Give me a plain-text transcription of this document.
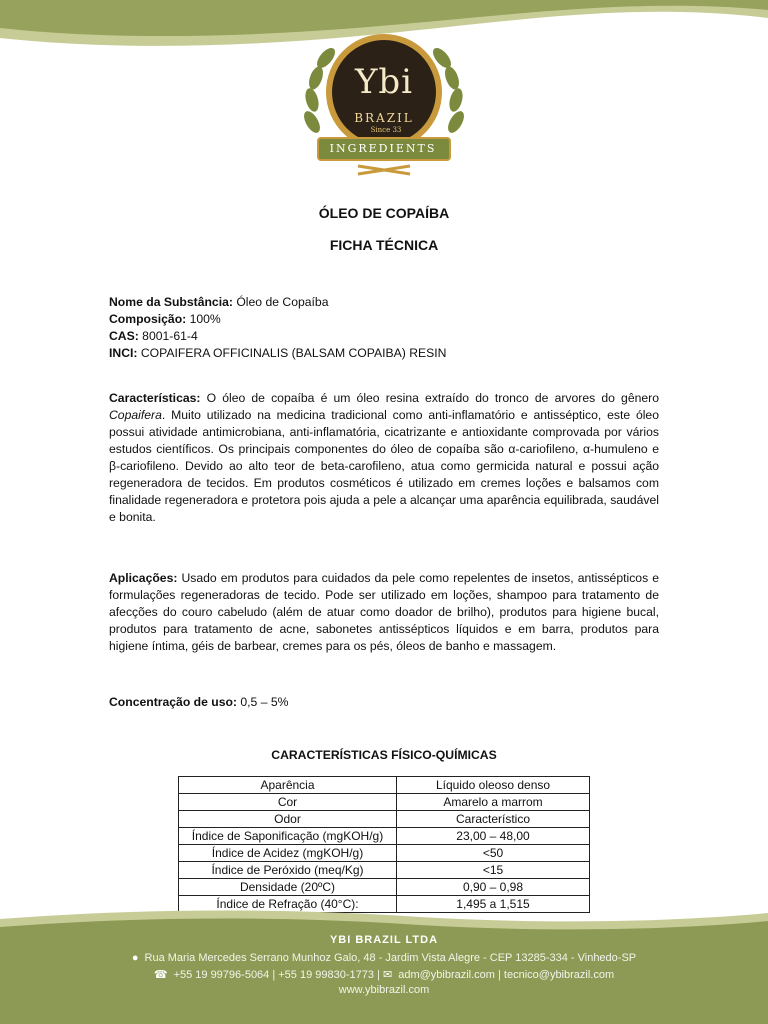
Ybi
BRAZIL
Since 33
INGREDIENTS
ÓLEO DE COPAÍBA
FICHA TÉCNICA
Nome da Substância: Óleo de Copaíba
Composição: 100%
CAS: 8001-61-4
INCI: COPAIFERA OFFICINALIS (BALSAM COPAIBA) RESIN
Características: O óleo de copaíba é um óleo resina extraído do tronco de arvores do gênero Copaifera. Muito utilizado na medicina tradicional como anti-inflamatório e antisséptico, este óleo possui atividade antimicrobiana, anti-inflamatória, cicatrizante e antioxidante comprovada por vários estudos científicos. Os principais componentes do óleo de copaíba são α-cariofileno, α-humuleno e β-cariofileno. Devido ao alto teor de beta-carofileno, atua como germicida natural e possui ação regeneradora de tecidos. Em produtos cosméticos é utilizado em cremes loções e balsamos com finalidade regeneradora e protetora pois ajuda a pele a alcançar uma aparência equilibrada, saudável e bonita.
Aplicações: Usado em produtos para cuidados da pele como repelentes de insetos, antissépticos e formulações regeneradoras de tecido. Pode ser utilizado em loções, shampoo para tratamento de afecções do couro cabeludo (além de atuar como doador de brilho), produtos para higiene bucal, produtos para tratamento de acne, sabonetes antissépticos líquidos e em barra, produtos para higiene íntima, géis de barbear, cremes para os pés, óleos de banho e massagem.
Concentração de uso: 0,5 – 5%
CARACTERÍSTICAS FÍSICO-QUÍMICAS
Aparência	Líquido oleoso denso
Cor	Amarelo a marrom
Odor	Característico
Índice de Saponificação (mgKOH/g)	23,00 – 48,00
Índice de Acidez (mgKOH/g)	<50
Índice de Peróxido (meq/Kg)	<15
Densidade (20ºC)	0,90 – 0,98
Índice de Refração (40°C):	1,495 a 1,515
YBI BRAZIL LTDA
● Rua Maria Mercedes Serrano Munhoz Galo, 48 - Jardim Vista Alegre - CEP 13285-334 - Vinhedo-SP
☎ +55 19 99796-5064 | +55 19 99830-1773 | ✉ adm@ybibrazil.com | tecnico@ybibrazil.com
www.ybibrazil.com
